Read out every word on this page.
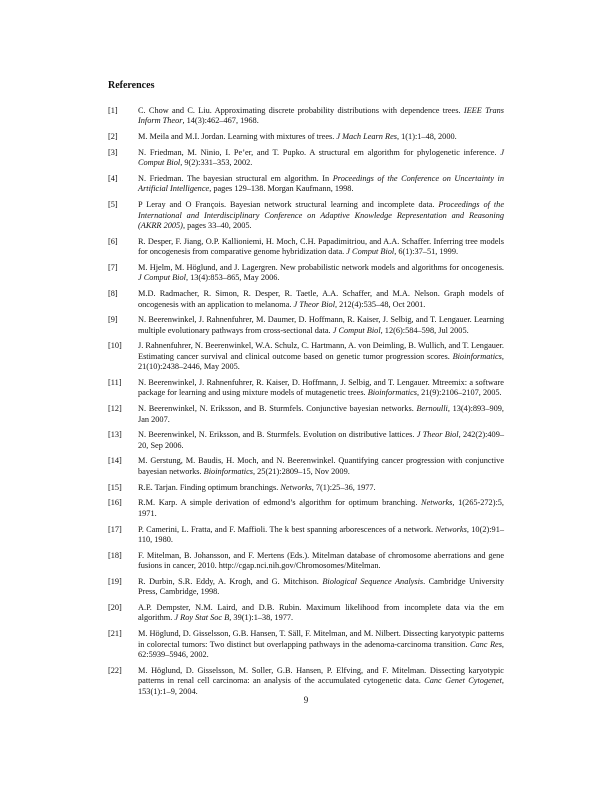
References
[1]	C. Chow and C. Liu. Approximating discrete probability distributions with dependence trees. IEEE Trans Inform Theor, 14(3):462–467, 1968.
[2]	M. Meila and M.I. Jordan. Learning with mixtures of trees. J Mach Learn Res, 1(1):1–48, 2000.
[3]	N. Friedman, M. Ninio, I. Pe’er, and T. Pupko. A structural em algorithm for phylogenetic inference. J Comput Biol, 9(2):331–353, 2002.
[4]	N. Friedman. The bayesian structural em algorithm. In Proceedings of the Conference on Uncertainty in Artificial Intelligence, pages 129–138. Morgan Kaufmann, 1998.
[5]	P Leray and O François. Bayesian network structural learning and incomplete data. Proceedings of the International and Interdisciplinary Conference on Adaptive Knowledge Representation and Reasoning (AKRR 2005), pages 33–40, 2005.
[6]	R. Desper, F. Jiang, O.P. Kallioniemi, H. Moch, C.H. Papadimitriou, and A.A. Schaffer. Inferring tree models for oncogenesis from comparative genome hybridization data. J Comput Biol, 6(1):37–51, 1999.
[7]	M. Hjelm, M. Höglund, and J. Lagergren. New probabilistic network models and algorithms for oncogenesis. J Comput Biol, 13(4):853–865, May 2006.
[8]	M.D. Radmacher, R. Simon, R. Desper, R. Taetle, A.A. Schaffer, and M.A. Nelson. Graph models of oncogenesis with an application to melanoma. J Theor Biol, 212(4):535–48, Oct 2001.
[9]	N. Beerenwinkel, J. Rahnenfuhrer, M. Daumer, D. Hoffmann, R. Kaiser, J. Selbig, and T. Lengauer. Learning multiple evolutionary pathways from cross-sectional data. J Comput Biol, 12(6):584–598, Jul 2005.
[10]	J. Rahnenfuhrer, N. Beerenwinkel, W.A. Schulz, C. Hartmann, A. von Deimling, B. Wullich, and T. Lengauer. Estimating cancer survival and clinical outcome based on genetic tumor progression scores. Bioinformatics, 21(10):2438–2446, May 2005.
[11]	N. Beerenwinkel, J. Rahnenfuhrer, R. Kaiser, D. Hoffmann, J. Selbig, and T. Lengauer. Mtreemix: a software package for learning and using mixture models of mutagenetic trees. Bioinformatics, 21(9):2106–2107, 2005.
[12]	N. Beerenwinkel, N. Eriksson, and B. Sturmfels. Conjunctive bayesian networks. Bernoulli, 13(4):893–909, Jan 2007.
[13]	N. Beerenwinkel, N. Eriksson, and B. Sturmfels. Evolution on distributive lattices. J Theor Biol, 242(2):409–20, Sep 2006.
[14]	M. Gerstung, M. Baudis, H. Moch, and N. Beerenwinkel. Quantifying cancer progression with conjunctive bayesian networks. Bioinformatics, 25(21):2809–15, Nov 2009.
[15]	R.E. Tarjan. Finding optimum branchings. Networks, 7(1):25–36, 1977.
[16]	R.M. Karp. A simple derivation of edmond’s algorithm for optimum branching. Networks, 1(265-272):5, 1971.
[17]	P. Camerini, L. Fratta, and F. Maffioli. The k best spanning arborescences of a network. Networks, 10(2):91–110, 1980.
[18]	F. Mitelman, B. Johansson, and F. Mertens (Eds.). Mitelman database of chromosome aberrations and gene fusions in cancer, 2010. http://cgap.nci.nih.gov/Chromosomes/Mitelman.
[19]	R. Durbin, S.R. Eddy, A. Krogh, and G. Mitchison. Biological Sequence Analysis. Cambridge University Press, Cambridge, 1998.
[20]	A.P. Dempster, N.M. Laird, and D.B. Rubin. Maximum likelihood from incomplete data via the em algorithm. J Roy Stat Soc B, 39(1):1–38, 1977.
[21]	M. Höglund, D. Gisselsson, G.B. Hansen, T. Säll, F. Mitelman, and M. Nilbert. Dissecting karyotypic patterns in colorectal tumors: Two distinct but overlapping pathways in the adenoma-carcinoma transition. Canc Res, 62:5939–5946, 2002.
[22]	M. Höglund, D. Gisselsson, M. Soller, G.B. Hansen, P. Elfving, and F. Mitelman. Dissecting karyotypic patterns in renal cell carcinoma: an analysis of the accumulated cytogenetic data. Canc Genet Cytogenet, 153(1):1–9, 2004.
9
